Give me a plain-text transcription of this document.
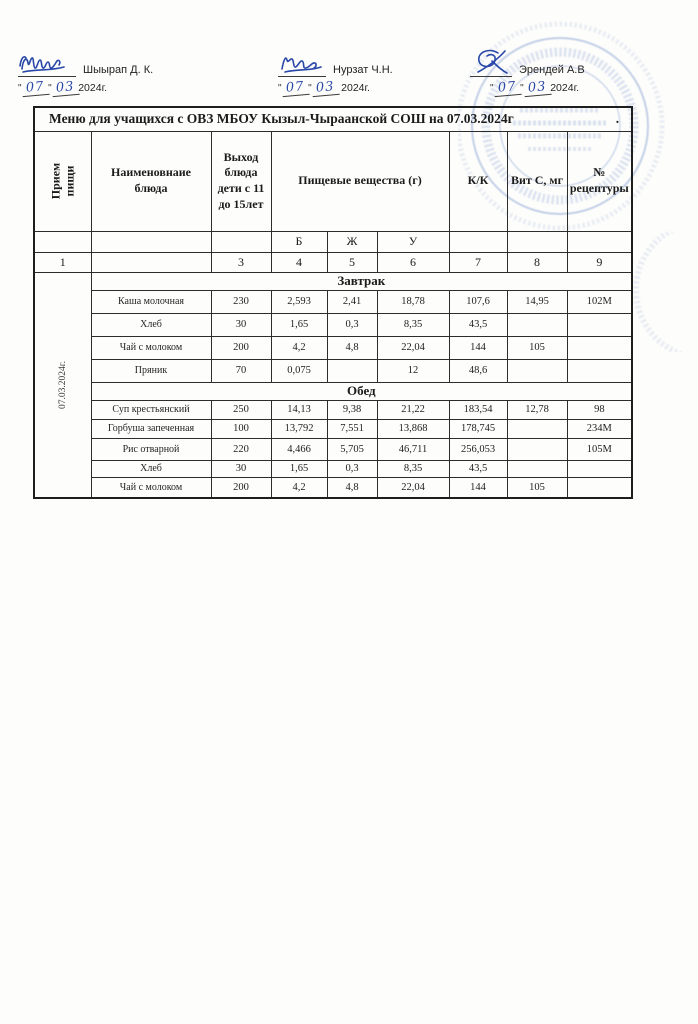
Шыырап Д. К.
" 07 " 03 2024г.
Нурзат Ч.Н.
" 07 " 03 2024г.
Эрендей А.В
" 07 " 03 2024г.
Меню для учащихся с ОВЗ МБОУ Кызыл-Чыраанской СОШ на 07.03.2024г .								

Прием пищи	Наименовнаие блюда	Выход блюда дети с 11 до 15лет	Пищевые вещества (г)			К/К	Вит С, мг	№ рецептуры
			Б	Ж	У			
1		3	4	5	6	7	8	9

07.03.2024г.	Завтрак							
	Каша молочная	230	2,593	2,41	18,78	107,6	14,95	102М
	Хлеб	30	1,65	0,3	8,35	43,5		
	Чай с молоком	200	4,2	4,8	22,04	144	105	
	Пряник	70	0,075		12	48,6		
	Обед							
	Суп крестьянский	250	14,13	9,38	21,22	183,54	12,78	98
	Горбуша запеченная	100	13,792	7,551	13,868	178,745		234М
	Рис отварной	220	4,466	5,705	46,711	256,053		105М
	Хлеб	30	1,65	0,3	8,35	43,5		
	Чай с молоком	200	4,2	4,8	22,04	144	105	
